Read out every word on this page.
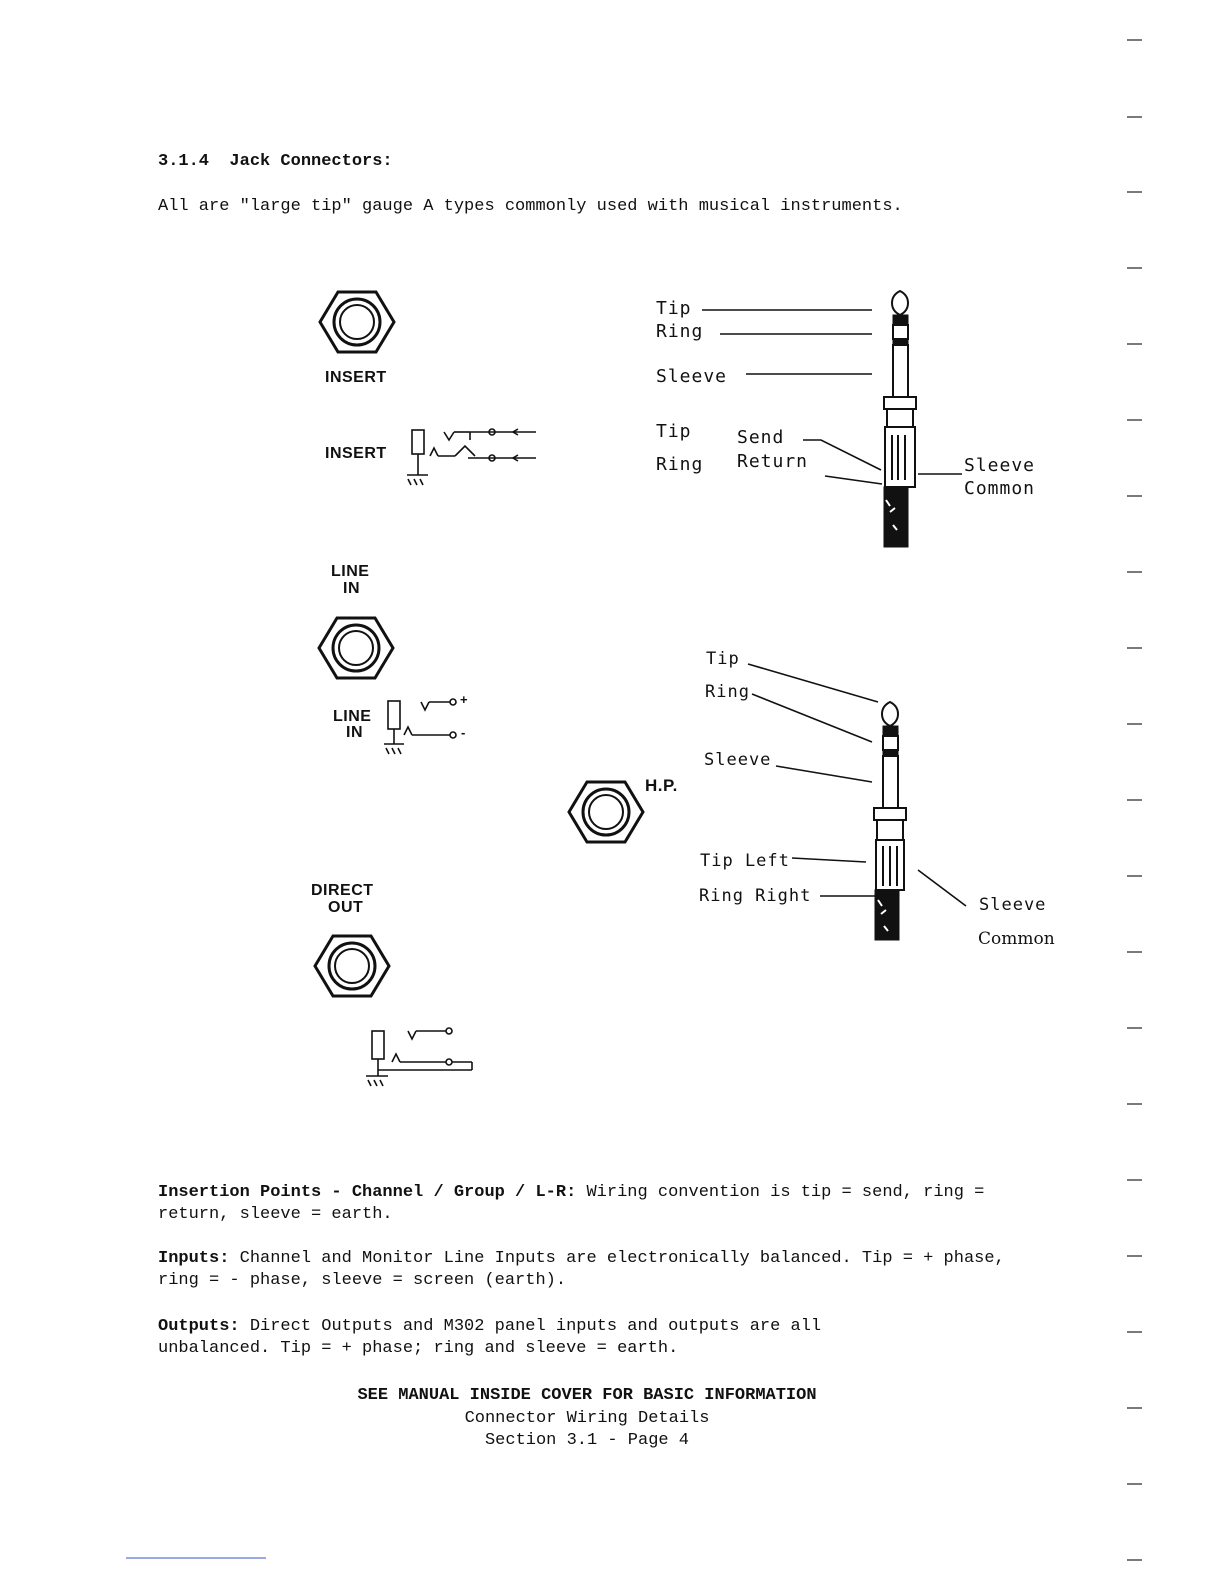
3.1.4  Jack Connectors:
All are "large tip" gauge A types commonly used with musical instruments.
INSERT
INSERT
LINE
IN
LINE
IN
+
-
DIRECT
OUT
H.P.
Tip
Ring
Sleeve
Tip
Ring
Send
Return	Sleeve
Common
Tip
Ring
Sleeve
Tip Left
Ring Right	Sleeve
Common
Insertion Points - Channel / Group / L-R: Wiring convention is tip = send, ring = return, sleeve = earth.
Inputs: Channel and Monitor Line Inputs are electronically balanced. Tip = + phase, ring = - phase, sleeve = screen (earth).
Outputs: Direct Outputs and M302 panel inputs and outputs are all unbalanced. Tip = + phase; ring and sleeve = earth.
SEE MANUAL INSIDE COVER FOR BASIC INFORMATION
Connector Wiring Details
Section 3.1 - Page 4
